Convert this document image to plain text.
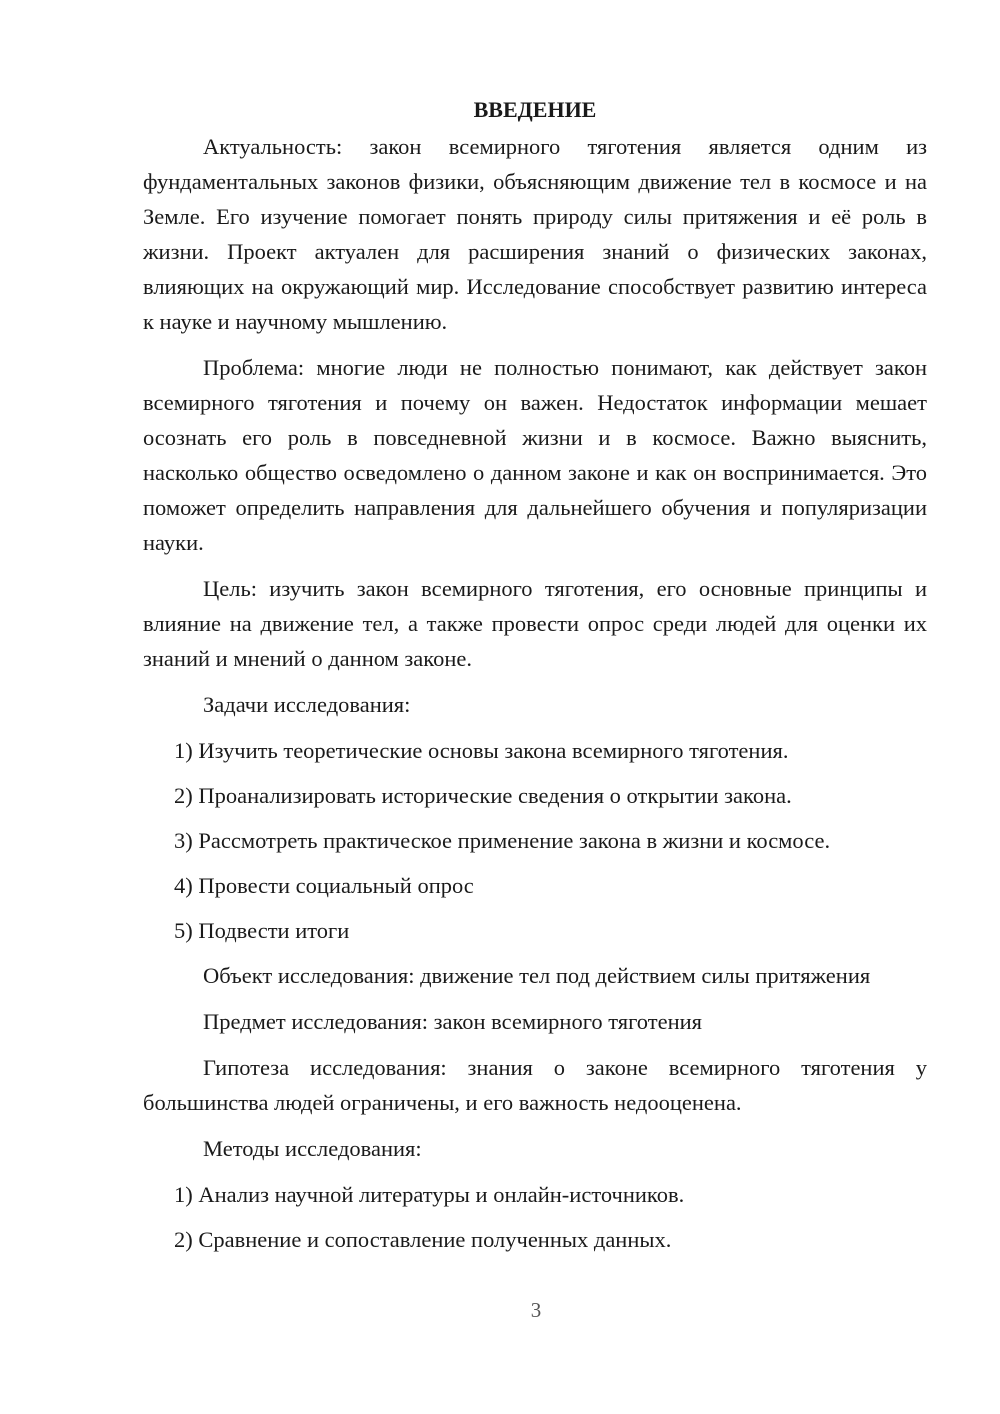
ВВЕДЕНИЕ

Актуальность: закон всемирного тяготения является одним из фундаментальных законов физики, объясняющим движение тел в космосе и на Земле. Его изучение помогает понять природу силы притяжения и её роль в жизни. Проект актуален для расширения знаний о физических законах, влияющих на окружающий мир. Исследование способствует развитию интереса к науке и научному мышлению.

Проблема: многие люди не полностью понимают, как действует закон всемирного тяготения и почему он важен. Недостаток информации мешает осознать его роль в повседневной жизни и в космосе. Важно выяснить, насколько общество осведомлено о данном законе и как он воспринимается. Это поможет определить направления для дальнейшего обучения и популяризации науки.

Цель: изучить закон всемирного тяготения, его основные принципы и влияние на движение тел, а также провести опрос среди людей для оценки их знаний и мнений о данном законе.

Задачи исследования:

1) Изучить теоретические основы закона всемирного тяготения.

2) Проанализировать исторические сведения о открытии закона.

3) Рассмотреть практическое применение закона в жизни и космосе.

4) Провести социальный опрос

5) Подвести итоги

Объект исследования: движение тел под действием силы притяжения

Предмет исследования: закон всемирного тяготения

Гипотеза исследования: знания о законе всемирного тяготения у большинства людей ограничены, и его важность недооценена.

Методы исследования:

1) Анализ научной литературы и онлайн-источников.

2) Сравнение и сопоставление полученных данных.

3
